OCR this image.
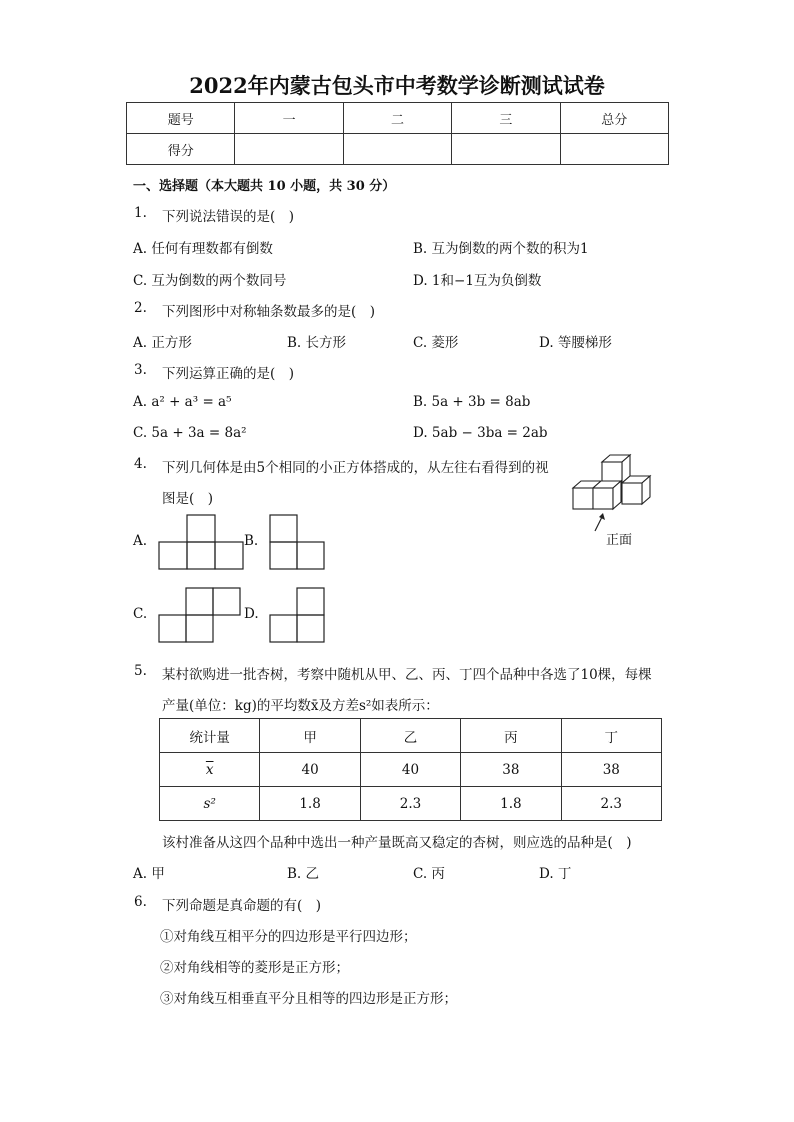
2022年内蒙古包头市中考数学诊断测试试卷
题号	一	二	三	总分
得分				
一、选择题（本大题共 10 小题，共 30 分）
1. 下列说法错误的是(　)
A. 任何有理数都有倒数	B. 互为倒数的两个数的积为1
C. 互为倒数的两个数同号	D. 1和−1互为负倒数
2. 下列图形中对称轴条数最多的是(　)
A. 正方形	B. 长方形	C. 菱形	D. 等腰梯形
3. 下列运算正确的是(　)
A. a² + a³ = a⁵	B. 5a + 3b = 8ab
C. 5a + 3a = 8a²	D. 5ab − 3ba = 2ab
4. 下列几何体是由5个相同的小正方体搭成的，从左往右看得到的视
图是(　)
A.	B.
C.	D.
正面
5. 某村欲购进一批杏树，考察中随机从甲、乙、丙、丁四个品种中各选了10棵，每棵
产量(单位：kg)的平均数x̄及方差s²如表所示：
统计量	甲	乙	丙	丁
$\overline{x}$	40	40	38	38
s²	1.8	2.3	1.8	2.3
该村准备从这四个品种中选出一种产量既高又稳定的杏树，则应选的品种是(　)
A. 甲	B. 乙	C. 丙	D. 丁
6. 下列命题是真命题的有(　)
①对角线互相平分的四边形是平行四边形；
②对角线相等的菱形是正方形；
③对角线互相垂直平分且相等的四边形是正方形；
